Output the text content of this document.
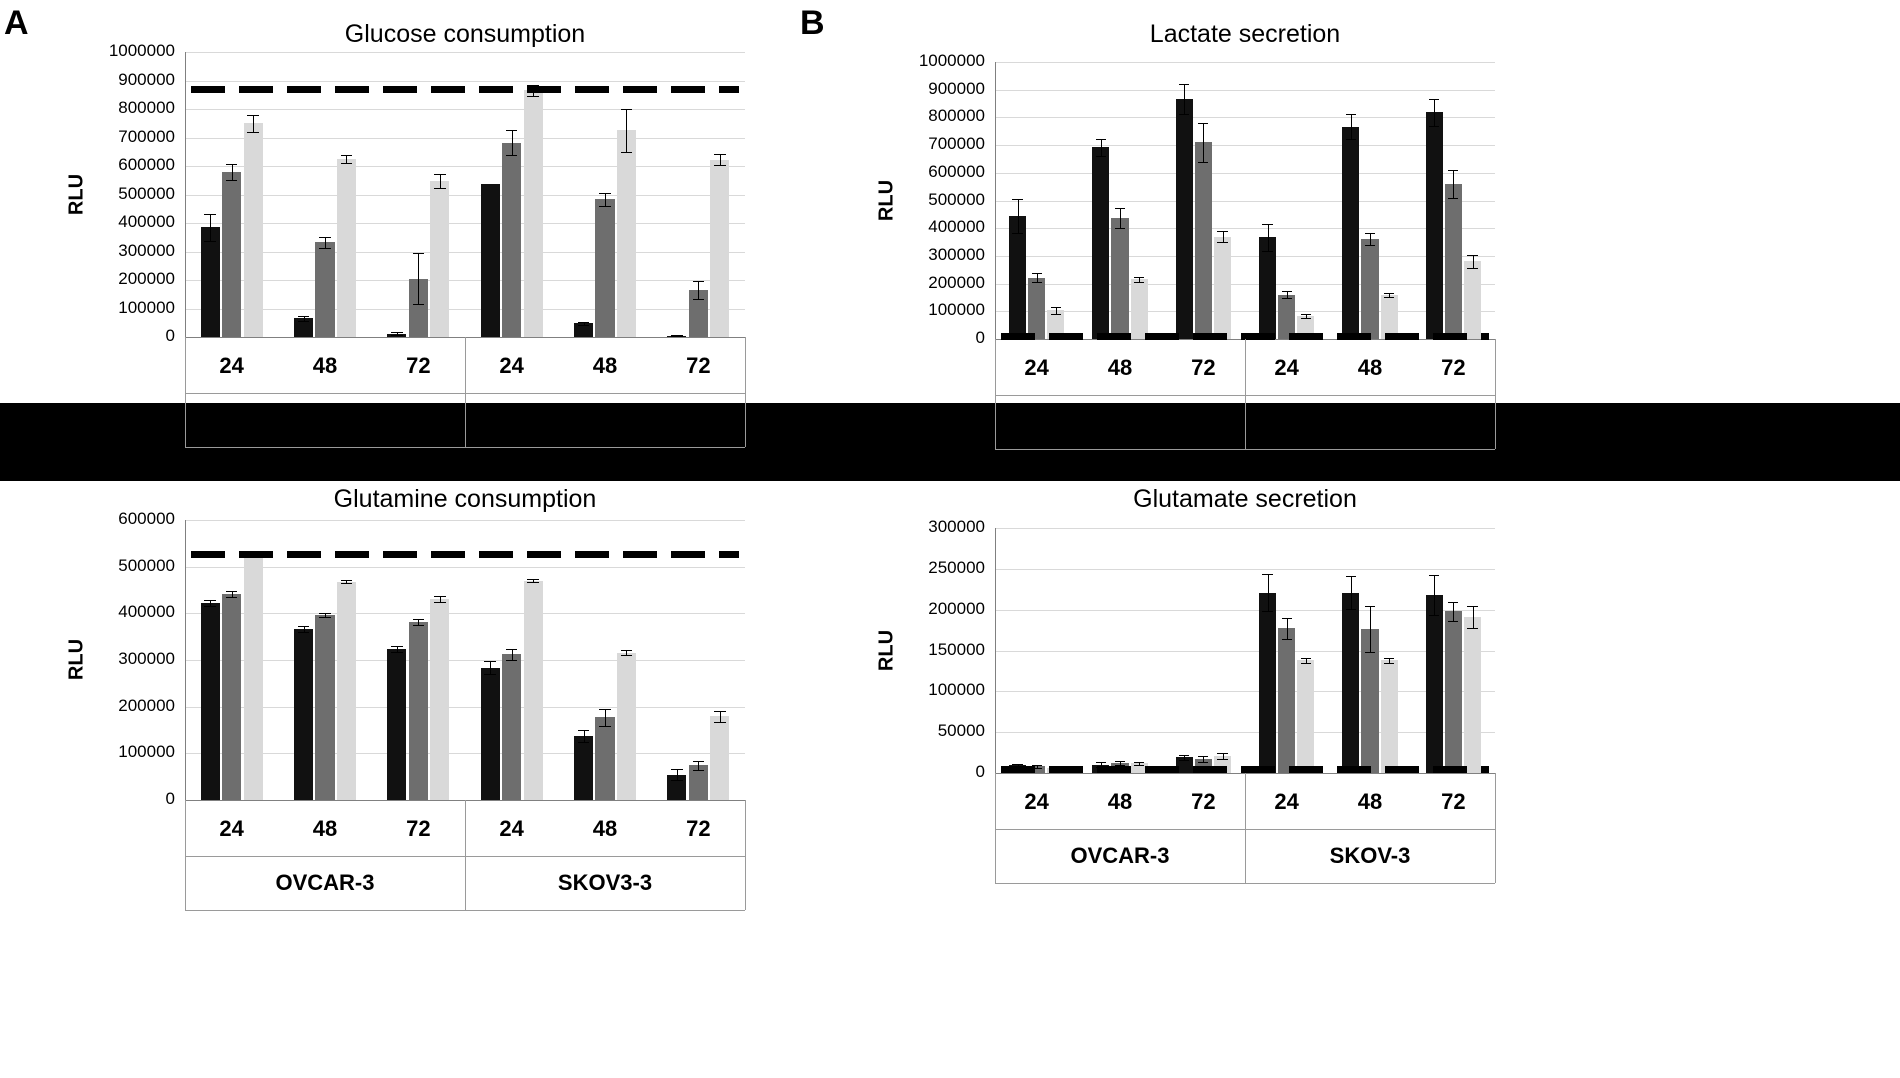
A	B
Glucose consumption
RLU
0
100000
200000
300000
400000
500000
600000
700000
800000
900000
1000000
24	48	72	24	48	72
OVCAR-3	SKOV-3
Glutamine consumption
RLU
0
100000
200000
300000
400000
500000
600000
24	48	72	24	48	72
OVCAR-3	SKOV3-3
Lactate secretion
RLU
0
100000
200000
300000
400000
500000
600000
700000
800000
900000
1000000
24	48	72	24	48	72
OVCAR-3	SKOV3-3
Glutamate secretion
RLU
0
50000
100000
150000
200000
250000
300000
24	48	72	24	48	72
OVCAR-3	SKOV-3
